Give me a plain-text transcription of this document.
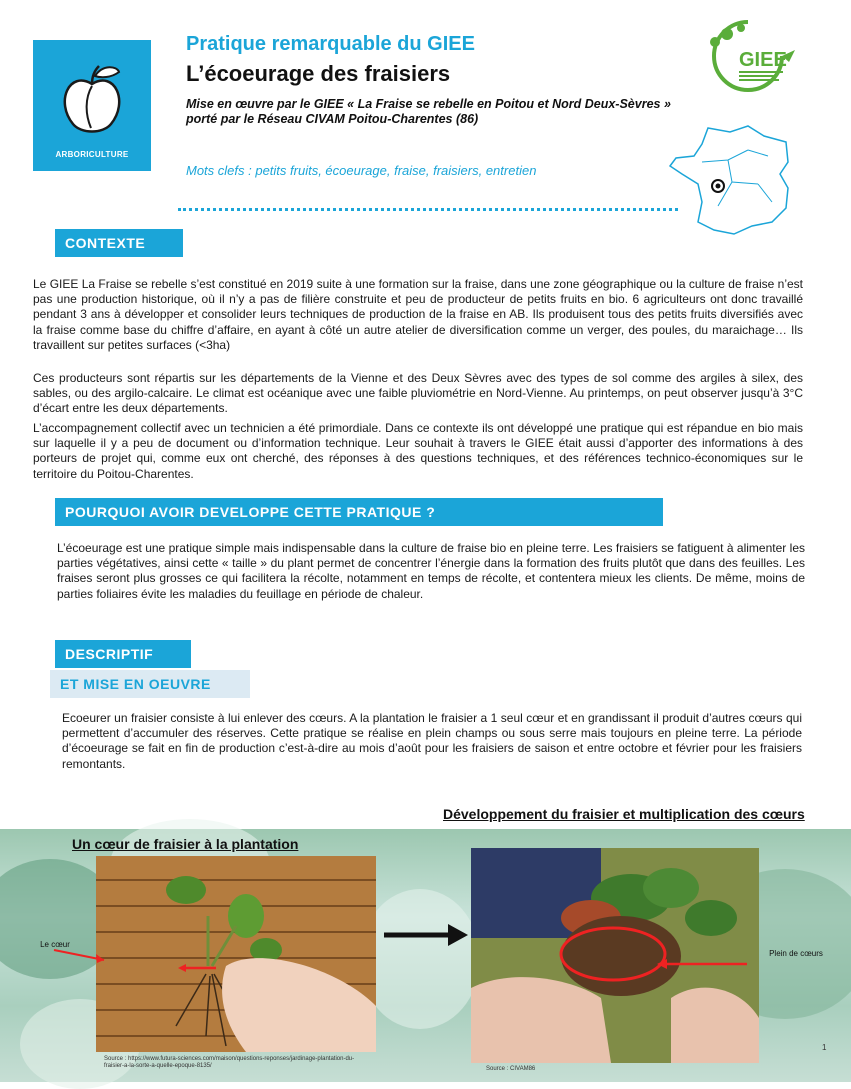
ARBORICULTURE
Pratique remarquable du GIEE
L’écoeurage des fraisiers
Mise en œuvre par le GIEE « La Fraise se rebelle en Poitou et Nord Deux-Sèvres » porté par le Réseau CIVAM Poitou-Charentes (86)
Mots clefs : petits fruits, écoeurage, fraise, fraisiers, entretien
GIEE
CONTEXTE
Le GIEE La Fraise se rebelle s’est constitué en 2019 suite à une formation sur la fraise, dans une zone géographique ou la culture de fraise n’est pas une production historique, où il n’y a pas de filière construite et peu de producteur de petits fruits en bio. 6 agriculteurs ont donc travaillé pendant 3 ans à développer et consolider leurs techniques de production de la fraise en AB. Ils produisent tous des petits fruits diversifiés avec la fraise comme base du chiffre d’affaire, en ayant à côté un autre atelier de diversification comme un verger, des poules, du maraichage… Ils travaillent sur petites surfaces (<3ha)
Ces producteurs sont répartis sur les départements de la Vienne et des Deux Sèvres avec des types de sol comme des argiles à silex, des sables, ou des argilo-calcaire. Le climat est océanique avec une faible pluviométrie en Nord-Vienne. Au printemps, on peut observer jusqu’à 3°C d’écart entre les deux départements.
L’accompagnement collectif avec un technicien a été primordiale. Dans ce contexte ils ont développé une pratique qui est répandue en bio mais sur laquelle il y a peu de document ou d’information technique. Leur souhait à travers le GIEE était aussi d’apporter des informations à des porteurs de projet qui, comme eux ont cherché, des réponses à des questions techniques, et des références technico-économiques sur le territoire du Poitou-Charentes.
POURQUOI AVOIR DEVELOPPE CETTE PRATIQUE ?
L’écoeurage est une pratique simple mais indispensable dans la culture de fraise bio en pleine terre. Les fraisiers se fatiguent à alimenter les parties végétatives, ainsi cette « taille » du plant permet de concentrer l’énergie dans la formation des fruits plutôt que dans des feuilles. Les fraises seront plus grosses ce qui facilitera la récolte, notamment en temps de récolte, et contentera mieux les clients. De même, moins de parties foliaires évite les maladies du feuillage en période de chaleur.
DESCRIPTIF
ET MISE EN OEUVRE
Ecoeurer un fraisier consiste à lui enlever des cœurs. A la plantation le fraisier a 1 seul cœur et en grandissant il produit d’autres cœurs qui permettent d’accumuler des réserves. Cette pratique se réalise en plein champs ou sous serre mais toujours en pleine terre. La période d’écoeurage se fait en fin de production c’est-à-dire au mois d’août pour les fraisiers de saison et entre octobre et février pour les fraisiers remontants.
Développement du fraisier et multiplication des cœurs
Un cœur de fraisier à la plantation
Le cœur
Plein de cœurs
Source : https://www.futura-sciences.com/maison/questions-reponses/jardinage-plantation-du-fraisier-a-la-sorte-a-quelle-epoque-8135/	Source : CIVAM86
1
